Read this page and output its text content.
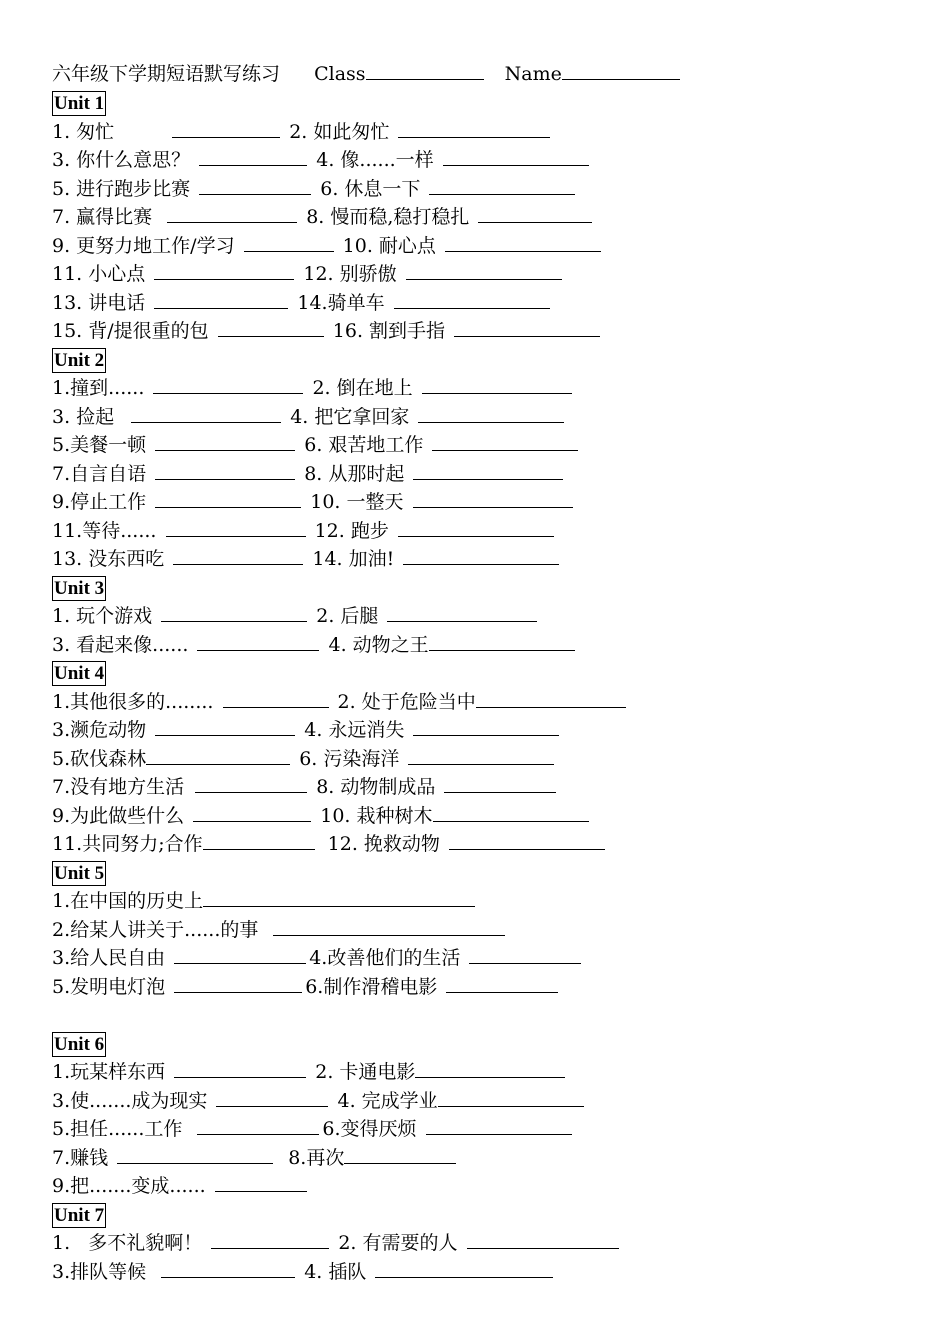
六年级下学期短语默写练习 Class	Name
Unit 1
1. 匆忙	2. 如此匆忙
3. 你什么意思？	4. 像......一样
5. 进行跑步比赛	6. 休息一下
7. 赢得比赛	8. 慢而稳,稳打稳扎
9. 更努力地工作/学习	10. 耐心点
11. 小心点	12. 别骄傲
13. 讲电话	14.骑单车
15. 背/提很重的包	16. 割到手指
Unit 2
1.撞到......	2. 倒在地上
3. 捡起	4. 把它拿回家
5.美餐一顿	6. 艰苦地工作
7.自言自语	8. 从那时起
9.停止工作	10. 一整天
11.等待......	12. 跑步
13. 没东西吃	14. 加油!
Unit 3
1. 玩个游戏	2. 后腿
3. 看起来像......	4. 动物之王
Unit 4
1.其他很多的........	2. 处于危险当中
3.濒危动物	4. 永远消失
5.砍伐森林	6. 污染海洋
7.没有地方生活	8. 动物制成品
9.为此做些什么	10. 栽种树木
11.共同努力;合作	12. 挽救动物
Unit 5
1.在中国的历史上
2.给某人讲关于......的事
3.给人民自由	4.改善他们的生活
5.发明电灯泡	6.制作滑稽电影
Unit 6
1.玩某样东西	2. 卡通电影
3.使.......成为现实	4. 完成学业
5.担任......工作	6.变得厌烦
7.赚钱	8.再次
9.把.......变成......
Unit 7
1.   多不礼貌啊！	2. 有需要的人
3.排队等候	4. 插队
